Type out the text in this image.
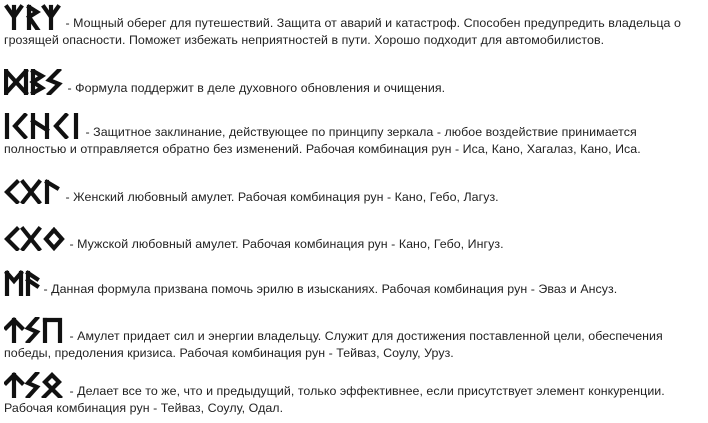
- Мощный оберег для путешествий. Защита от аварий и катастроф. Способен предупредить владельца о грозящей опасности. Поможет избежать неприятностей в пути. Хорошо подходит для автомобилистов.
- Формула поддержит в деле духовного обновления и очищения.
- Защитное заклинание, действующее по принципу зеркала - любое воздействие принимается полностью и отправляется обратно без изменений. Рабочая комбинация рун - Иса, Кано, Хагалаз, Кано, Иса.
- Женский любовный амулет. Рабочая комбинация рун - Кано, Гебо, Лагуз.
- Мужской любовный амулет. Рабочая комбинация рун - Кано, Гебо, Ингуз.
- Данная формула призвана помочь эрилю в изысканиях. Рабочая комбинация рун - Эваз и Ансуз.
- Амулет придает сил и энергии владельцу. Служит для достижения поставленной цели, обеспечения победы, предоления кризиса. Рабочая комбинация рун - Тейваз, Соулу, Уруз.
- Делает все то же, что и предыдущий, только эффективнее, если присутствует элемент конкуренции. Рабочая комбинация рун - Тейваз, Соулу, Одал.
